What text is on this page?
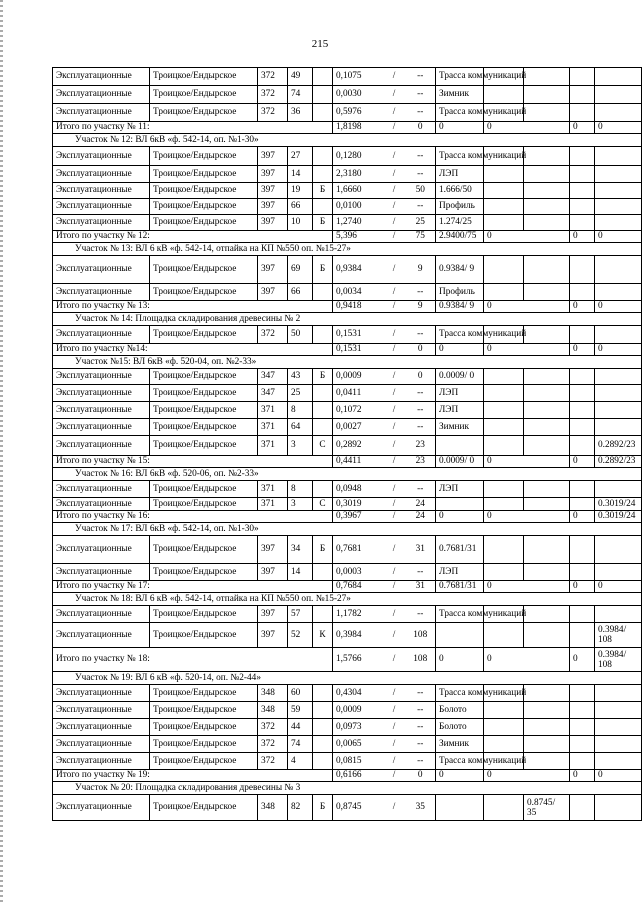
215
Эксплуатационные	Троицкое/Ендырское	372	49		0,1075	/	--	Трасса коммуникаций				
Эксплуатационные	Троицкое/Ендырское	372	74		0,0030	/	--	Зимник				
Эксплуатационные	Троицкое/Ендырское	372	36		0,5976	/	--	Трасса коммуникаций				
Итого по участку № 11:					1,8198	/	0	0	0		0	0
Участок № 12: ВЛ 6кВ «ф. 542-14, оп. №1-30»												
Эксплуатационные	Троицкое/Ендырское	397	27		0,1280	/	--	Трасса коммуникаций				
Эксплуатационные	Троицкое/Ендырское	397	14		2,3180	/	--	ЛЭП				
Эксплуатационные	Троицкое/Ендырское	397	19	Б	1,6660	/	50	1.666/50				
Эксплуатационные	Троицкое/Ендырское	397	66		0,0100	/	--	Профиль				
Эксплуатационные	Троицкое/Ендырское	397	10	Б	1,2740	/	25	1.274/25				
Итого по участку № 12:					5,396	/	75	2.9400/75	0		0	0
Участок № 13: ВЛ 6 кВ «ф. 542-14, отпайка на КП №550 оп. №15-27»												
Эксплуатационные	Троицкое/Ендырское	397	69	Б	0,9384	/	9	0.9384/ 9				
Эксплуатационные	Троицкое/Ендырское	397	66		0,0034	/	--	Профиль				
Итого по участку № 13:					0,9418	/	9	0.9384/ 9	0		0	0
Участок № 14: Площадка складирования древесины № 2												
Эксплуатационные	Троицкое/Ендырское	372	50		0,1531	/	--	Трасса коммуникаций				
Итого по участку №14:					0,1531	/	0	0	0		0	0
Участок №15: ВЛ 6кВ «ф. 520-04, оп. №2-33»												
Эксплуатационные	Троицкое/Ендырское	347	43	Б	0,0009	/	0	0.0009/ 0				
Эксплуатационные	Троицкое/Ендырское	347	25		0,0411	/	--	ЛЭП				
Эксплуатационные	Троицкое/Ендырское	371	8		0,1072	/	--	ЛЭП				
Эксплуатационные	Троицкое/Ендырское	371	64		0,0027	/	--	Зимник				
Эксплуатационные	Троицкое/Ендырское	371	3	С	0,2892	/	23					0.2892/23
Итого по участку № 15:					0,4411	/	23	0.0009/ 0	0		0	0.2892/23
Участок № 16: ВЛ 6кВ «ф. 520-06, оп. №2-33»												
Эксплуатационные	Троицкое/Ендырское	371	8		0,0948	/	--	ЛЭП				
Эксплуатационные	Троицкое/Ендырское	371	3	С	0,3019	/	24					0.3019/24
Итого по участку № 16:					0,3967	/	24	0	0		0	0.3019/24
Участок № 17: ВЛ 6кВ «ф. 542-14, оп. №1-30»												
Эксплуатационные	Троицкое/Ендырское	397	34	Б	0,7681	/	31	0.7681/31				
Эксплуатационные	Троицкое/Ендырское	397	14		0,0003	/	--	ЛЭП				
Итого по участку № 17:					0,7684	/	31	0.7681/31	0		0	0
Участок № 18: ВЛ 6 кВ «ф. 542-14, отпайка на КП №550 оп. №15-27»												
Эксплуатационные	Троицкое/Ендырское	397	57		1,1782	/	--	Трасса коммуникаций				
Эксплуатационные	Троицкое/Ендырское	397	52	К	0,3984	/	108					0.3984/ 108
Итого по участку № 18:					1,5766	/	108	0	0		0	0.3984/ 108
Участок № 19: ВЛ 6 кВ «ф. 520-14, оп. №2-44»												
Эксплуатационные	Троицкое/Ендырское	348	60		0,4304	/	--	Трасса коммуникаций				
Эксплуатационные	Троицкое/Ендырское	348	59		0,0009	/	--	Болото				
Эксплуатационные	Троицкое/Ендырское	372	44		0,0973	/	--	Болото				
Эксплуатационные	Троицкое/Ендырское	372	74		0,0065	/	--	Зимник				
Эксплуатационные	Троицкое/Ендырское	372	4		0,0815	/	--	Трасса коммуникаций				
Итого по участку № 19:					0,6166	/	0	0	0		0	0
Участок № 20: Площадка складирования древесины № 3												
Эксплуатационные	Троицкое/Ендырское	348	82	Б	0,8745	/	35			0.8745/ 35		
